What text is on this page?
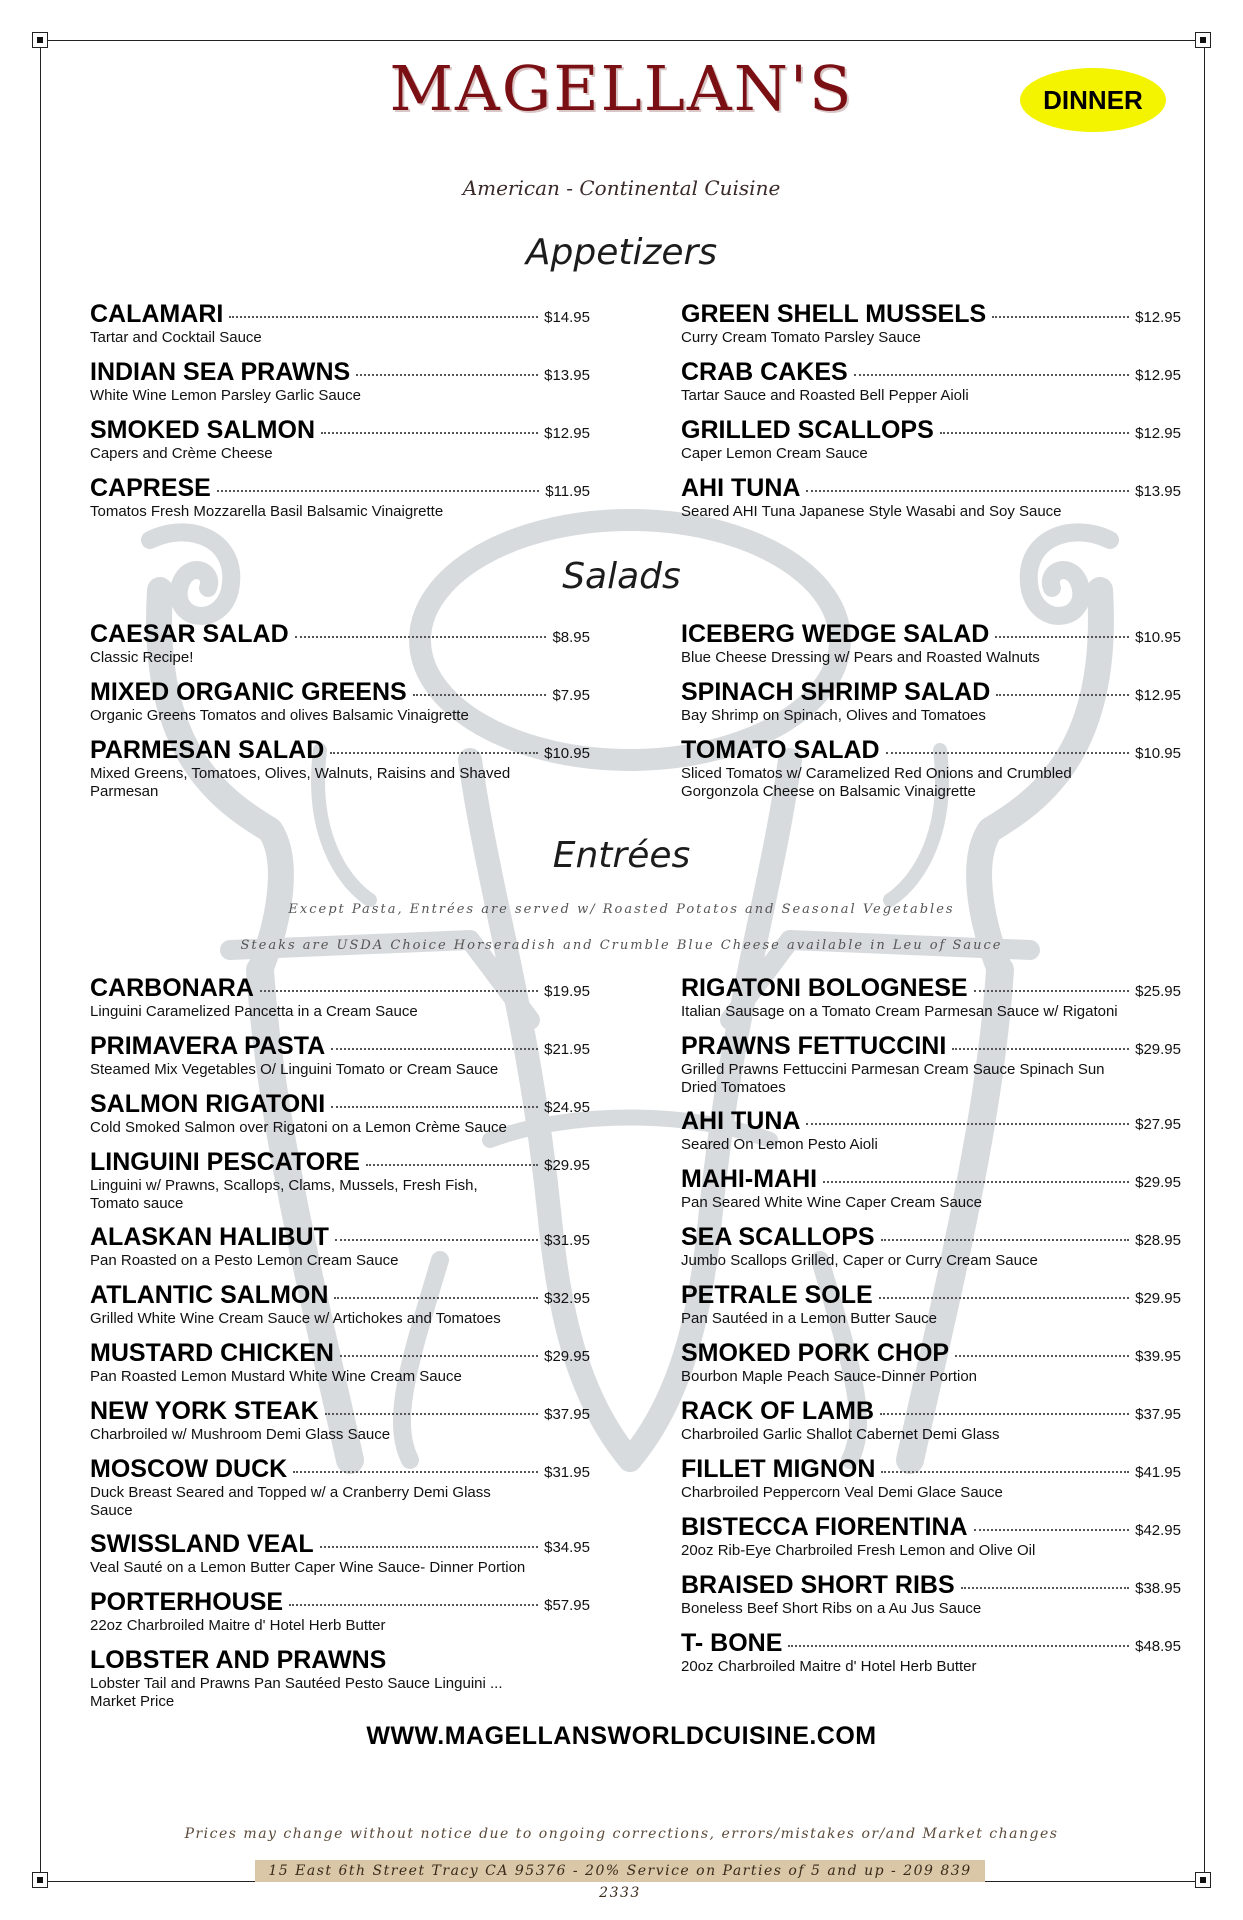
MAGELLAN'S	DINNER
American - Continental Cuisine
Appetizers
Salads
Entrées
Except Pasta, Entrées are served w/ Roasted Potatos and Seasonal Vegetables
Steaks are USDA Choice Horseradish and Crumble Blue Cheese available in Leu of Sauce
CALAMARI	$14.95
Tartar and Cocktail Sauce
INDIAN SEA PRAWNS	$13.95
White Wine Lemon Parsley Garlic Sauce
SMOKED SALMON	$12.95
Capers and Crème Cheese
CAPRESE	$11.95
Tomatos Fresh Mozzarella Basil Balsamic Vinaigrette
GREEN SHELL MUSSELS	$12.95
Curry Cream Tomato Parsley Sauce
CRAB CAKES	$12.95
Tartar Sauce and Roasted Bell Pepper Aioli
GRILLED SCALLOPS	$12.95
Caper Lemon Cream Sauce
AHI TUNA	$13.95
Seared AHI Tuna Japanese Style Wasabi and Soy Sauce
CAESAR SALAD	$8.95
Classic Recipe!
MIXED ORGANIC GREENS	$7.95
Organic Greens Tomatos and olives Balsamic Vinaigrette
PARMESAN SALAD	$10.95
Mixed Greens, Tomatoes, Olives, Walnuts, Raisins and Shaved Parmesan
ICEBERG WEDGE SALAD	$10.95
Blue Cheese Dressing w/ Pears and Roasted Walnuts
SPINACH SHRIMP SALAD	$12.95
Bay Shrimp on Spinach, Olives and Tomatoes
TOMATO SALAD	$10.95
Sliced Tomatos w/ Caramelized Red Onions and Crumbled Gorgonzola Cheese on Balsamic Vinaigrette
CARBONARA	$19.95
Linguini Caramelized Pancetta in a Cream Sauce
PRIMAVERA PASTA	$21.95
Steamed Mix Vegetables O/ Linguini Tomato or Cream Sauce
SALMON RIGATONI	$24.95
Cold Smoked Salmon over Rigatoni on a Lemon Crème Sauce
LINGUINI PESCATORE	$29.95
Linguini w/ Prawns, Scallops, Clams, Mussels, Fresh Fish, Tomato sauce
ALASKAN HALIBUT	$31.95
Pan Roasted on a Pesto Lemon Cream Sauce
ATLANTIC SALMON	$32.95
Grilled White Wine Cream Sauce w/ Artichokes and Tomatoes
MUSTARD CHICKEN	$29.95
Pan Roasted Lemon Mustard White Wine Cream Sauce
NEW YORK STEAK	$37.95
Charbroiled w/ Mushroom Demi Glass Sauce
MOSCOW DUCK	$31.95
Duck Breast Seared and Topped w/ a Cranberry Demi Glass Sauce
SWISSLAND VEAL	$34.95
Veal Sauté on a Lemon Butter Caper Wine Sauce- Dinner Portion
PORTERHOUSE	$57.95
22oz Charbroiled Maitre d' Hotel Herb Butter
LOBSTER AND PRAWNS
Lobster Tail and Prawns Pan Sautéed Pesto Sauce Linguini ... Market Price
RIGATONI BOLOGNESE	$25.95
Italian Sausage on a Tomato Cream Parmesan Sauce w/ Rigatoni
PRAWNS FETTUCCINI	$29.95
Grilled Prawns Fettuccini Parmesan Cream Sauce Spinach Sun Dried Tomatoes
AHI TUNA	$27.95
Seared On Lemon Pesto Aioli
MAHI-MAHI	$29.95
Pan Seared White Wine Caper Cream Sauce
SEA SCALLOPS	$28.95
Jumbo Scallops Grilled, Caper or Curry Cream Sauce
PETRALE SOLE	$29.95
Pan Sautéed in a Lemon Butter Sauce
SMOKED PORK CHOP	$39.95
Bourbon Maple Peach Sauce-Dinner Portion
RACK OF LAMB	$37.95
Charbroiled Garlic Shallot Cabernet Demi Glass
FILLET MIGNON	$41.95
Charbroiled Peppercorn Veal Demi Glace Sauce
BISTECCA FIORENTINA	$42.95
20oz Rib-Eye Charbroiled Fresh Lemon and Olive Oil
BRAISED SHORT RIBS	$38.95
Boneless Beef Short Ribs on a Au Jus Sauce
T- BONE	$48.95
20oz Charbroiled Maitre d' Hotel Herb Butter
WWW.MAGELLANSWORLDCUISINE.COM
Prices may change without notice due to ongoing corrections, errors/mistakes or/and Market changes
15 East 6th Street Tracy CA 95376 - 20% Service on Parties of 5 and up - 209 839 2333
